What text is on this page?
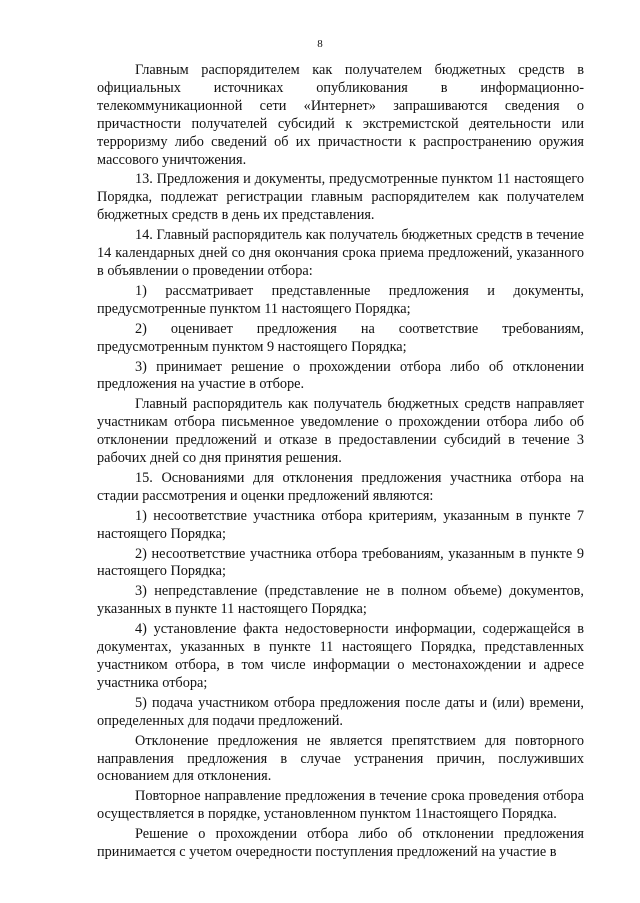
8

Главным распорядителем как получателем бюджетных средств в официальных источниках опубликования в информационно-телекоммуникационной сети «Интернет» запрашиваются сведения о причастности получателей субсидий к экстремистской деятельности или терроризму либо сведений об их причастности к распространению оружия массового уничтожения.

13. Предложения и документы, предусмотренные пунктом 11 настоящего Порядка, подлежат регистрации главным распорядителем как получателем бюджетных средств в день их представления.

14. Главный распорядитель как получатель бюджетных средств в течение 14 календарных дней со дня окончания срока приема предложений, указанного в объявлении о проведении отбора:

1) рассматривает представленные предложения и документы, предусмотренные пунктом 11 настоящего Порядка;

2) оценивает предложения на соответствие требованиям, предусмотренным пунктом 9 настоящего Порядка;

3) принимает решение о прохождении отбора либо об отклонении предложения на участие в отборе.

Главный распорядитель как получатель бюджетных средств направляет участникам отбора письменное уведомление о прохождении отбора либо об отклонении предложений и отказе в предоставлении субсидий в течение 3 рабочих дней со дня принятия решения.

15. Основаниями для отклонения предложения участника отбора на стадии рассмотрения и оценки предложений являются:

1) несоответствие участника отбора критериям, указанным в пункте 7 настоящего Порядка;

2) несоответствие участника отбора требованиям, указанным в пункте 9 настоящего Порядка;

3) непредставление (представление не в полном объеме) документов, указанных в пункте 11 настоящего Порядка;

4) установление факта недостоверности информации, содержащейся в документах, указанных в пункте 11 настоящего Порядка, представленных участником отбора, в том числе информации о местонахождении и адресе участника отбора;

5) подача участником отбора предложения после даты и (или) времени, определенных для подачи предложений.

Отклонение предложения не является препятствием для повторного направления предложения в случае устранения причин, послуживших основанием для отклонения.

Повторное направление предложения в течение срока проведения отбора осуществляется в порядке, установленном пунктом 11настоящего Порядка.

Решение о прохождении отбора либо об отклонении предложения принимается с учетом очередности поступления предложений на участие в
